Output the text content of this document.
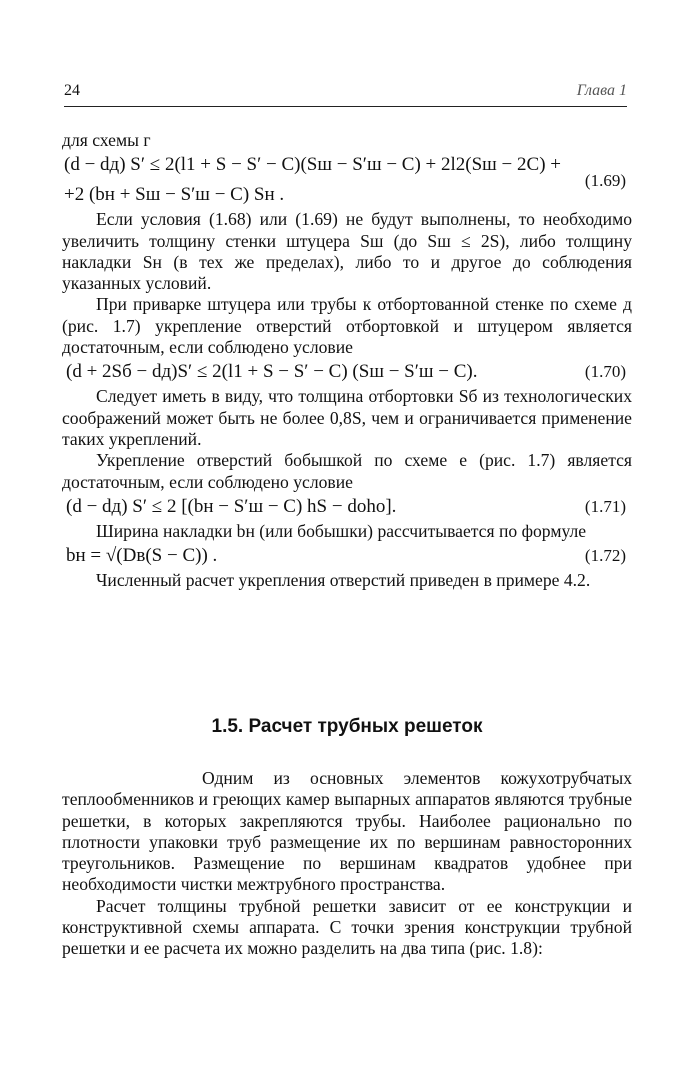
24	Глава 1

для схемы г

(d − dд) S′ ≤ 2(l1 + S − S′ − C)(Sш − S′ш − C) + 2l2(Sш − 2C) +
+2 (bн + Sш − S′ш − C) Sн .
(1.69)

Если условия (1.68) или (1.69) не будут выполнены, то необходимо увеличить толщину стенки штуцера Sш (до Sш ≤ 2S), либо толщину накладки Sн (в тех же пределах), либо то и другое до соблюдения указанных условий.

При приварке штуцера или трубы к отбортованной стенке по схеме д (рис. 1.7) укрепление отверстий отбортовкой и штуцером является достаточным, если соблюдено условие

(d + 2Sб − dд)S′ ≤ 2(l1 + S − S′ − C) (Sш − S′ш − C).	(1.70)

Следует иметь в виду, что толщина отбортовки Sб из технологических соображений может быть не более 0,8S, чем и ограничивается применение таких укреплений.

Укрепление отверстий бобышкой по схеме е (рис. 1.7) является достаточным, если соблюдено условие

(d − dд) S′ ≤ 2 [(bн − S′ш − C) hS − dоhо].	(1.71)

Ширина накладки bн (или бобышки) рассчитывается по формуле

bн = √(Dв(S − C)) .	(1.72)

Численный расчет укрепления отверстий приведен в примере 4.2.

1.5. Расчет трубных решеток

Одним из основных элементов кожухотрубчатых теплообменников и греющих камер выпарных аппаратов являются трубные решетки, в которых закрепляются трубы. Наиболее рационально по плотности упаковки труб размещение их по вершинам равносторонних треугольников. Размещение по вершинам квадратов удобнее при необходимости чистки межтрубного пространства.

Расчет толщины трубной решетки зависит от ее конструкции и конструктивной схемы аппарата. С точки зрения конструкции трубной решетки и ее расчета их можно разделить на два типа (рис. 1.8):
